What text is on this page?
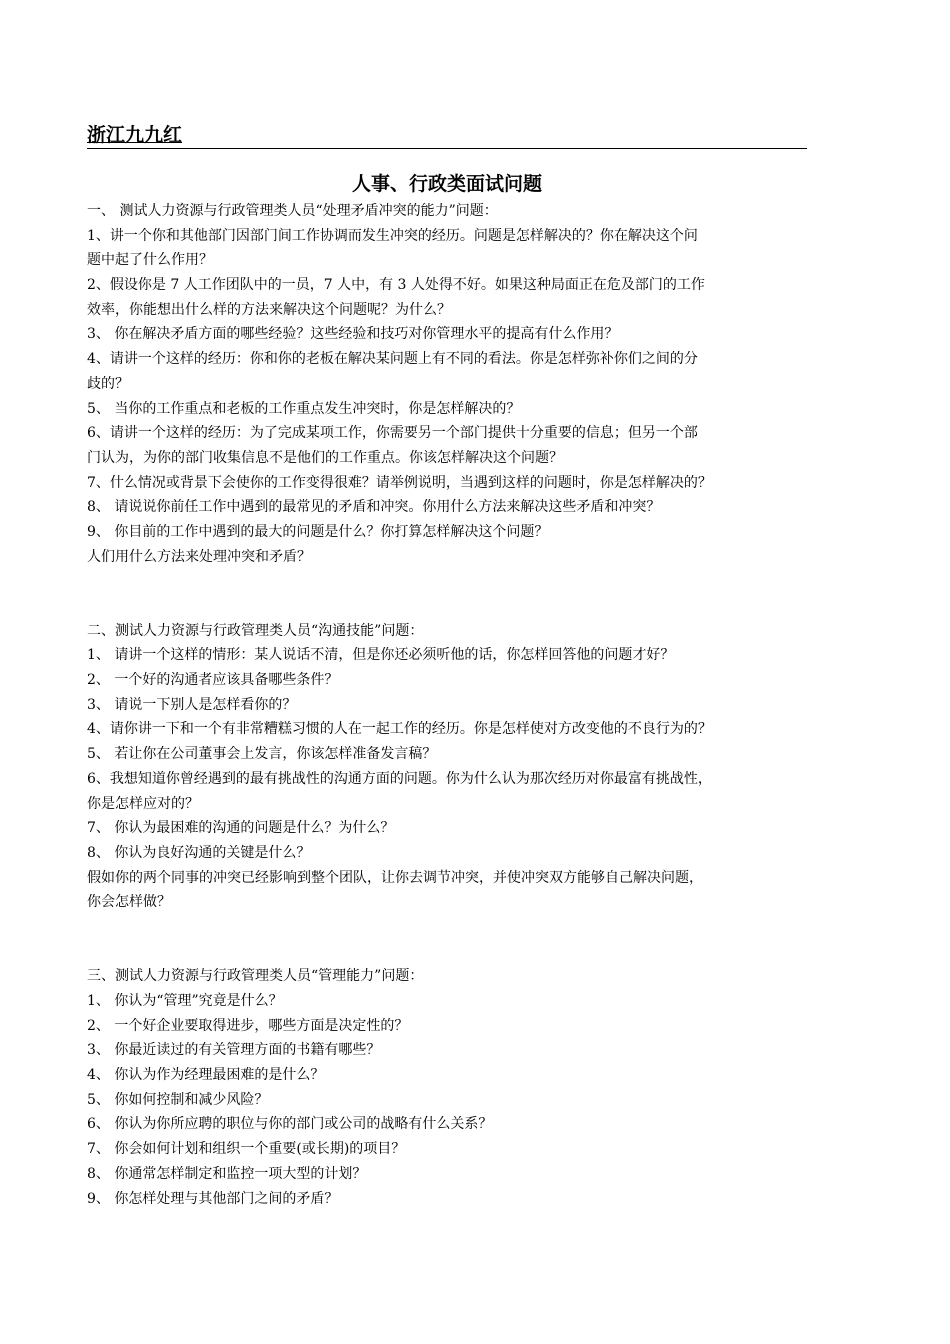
浙江九九红
人事、行政类面试问题
一、 测试人力资源与行政管理类人员“处理矛盾冲突的能力”问题：
1、讲一个你和其他部门因部门间工作协调而发生冲突的经历。问题是怎样解决的？你在解决这个问
题中起了什么作用？
2、假设你是 7 人工作团队中的一员，7 人中，有 3 人处得不好。如果这种局面正在危及部门的工作
效率，你能想出什么样的方法来解决这个问题呢？为什么？
3、 你在解决矛盾方面的哪些经验？这些经验和技巧对你管理水平的提高有什么作用？
4、请讲一个这样的经历：你和你的老板在解决某问题上有不同的看法。你是怎样弥补你们之间的分
歧的？
5、 当你的工作重点和老板的工作重点发生冲突时，你是怎样解决的？
6、请讲一个这样的经历：为了完成某项工作，你需要另一个部门提供十分重要的信息；但另一个部
门认为，为你的部门收集信息不是他们的工作重点。你该怎样解决这个问题？
7、什么情况或背景下会使你的工作变得很难？请举例说明，当遇到这样的问题时，你是怎样解决的？
8、 请说说你前任工作中遇到的最常见的矛盾和冲突。你用什么方法来解决这些矛盾和冲突？
9、 你目前的工作中遇到的最大的问题是什么？你打算怎样解决这个问题？
人们用什么方法来处理冲突和矛盾？
二、测试人力资源与行政管理类人员“沟通技能”问题：
1、 请讲一个这样的情形：某人说话不清，但是你还必须听他的话，你怎样回答他的问题才好？
2、 一个好的沟通者应该具备哪些条件？
3、 请说一下别人是怎样看你的？
4、请你讲一下和一个有非常糟糕习惯的人在一起工作的经历。你是怎样使对方改变他的不良行为的？
5、 若让你在公司董事会上发言，你该怎样准备发言稿？
6、我想知道你曾经遇到的最有挑战性的沟通方面的问题。你为什么认为那次经历对你最富有挑战性，
你是怎样应对的？
7、 你认为最困难的沟通的问题是什么？为什么？
8、 你认为良好沟通的关键是什么？
假如你的两个同事的冲突已经影响到整个团队，让你去调节冲突，并使冲突双方能够自己解决问题，
你会怎样做？
三、测试人力资源与行政管理类人员“管理能力”问题：
1、 你认为“管理”究竟是什么？
2、 一个好企业要取得进步，哪些方面是决定性的？
3、 你最近读过的有关管理方面的书籍有哪些？
4、 你认为作为经理最困难的是什么？
5、 你如何控制和减少风险？
6、 你认为你所应聘的职位与你的部门或公司的战略有什么关系？
7、 你会如何计划和组织一个重要(或长期)的项目？
8、 你通常怎样制定和监控一项大型的计划？
9、 你怎样处理与其他部门之间的矛盾？
